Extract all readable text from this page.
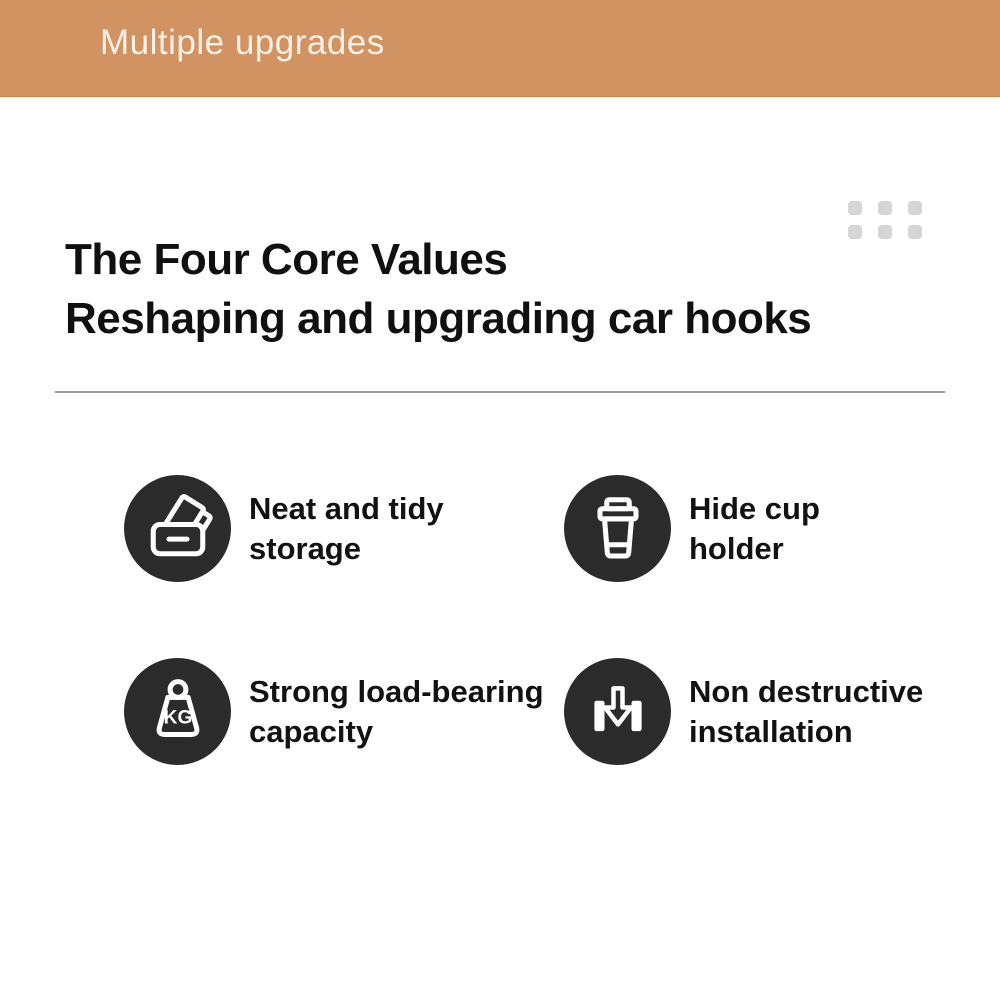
Multiple upgrades
The Four Core Values
Reshaping and upgrading car hooks
Neat and tidy
storage
Hide cup
holder
KG
Strong load-bearing
capacity
Non destructive
installation
